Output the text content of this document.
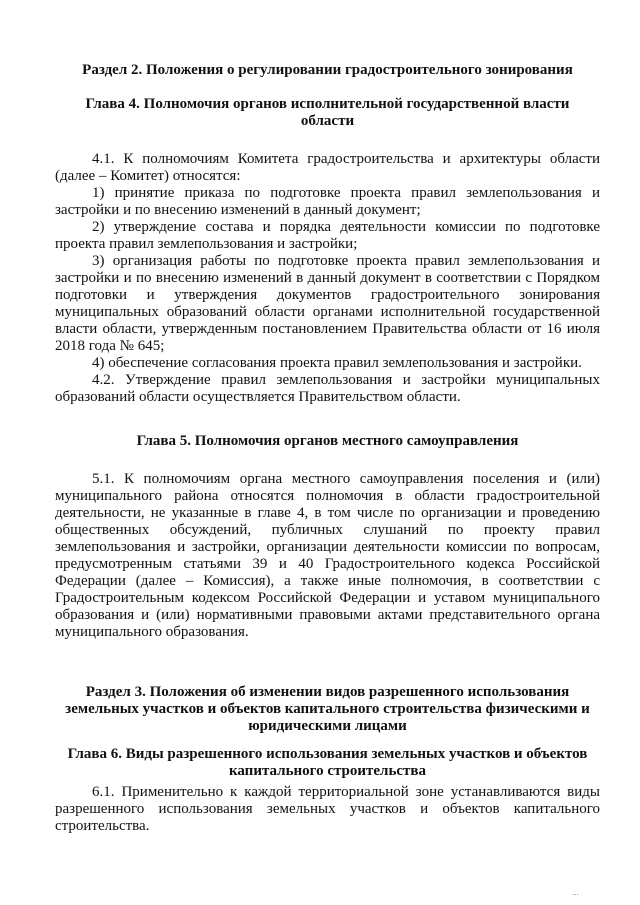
Раздел 2. Положения о регулировании градостроительного зонирования
Глава 4. Полномочия органов исполнительной государственной власти области

4.1. К полномочиям Комитета градостроительства и архитектуры области (далее – Комитет) относятся:

1) принятие приказа по подготовке проекта правил землепользования и застройки и по внесению изменений в данный документ;

2) утверждение состава и порядка деятельности комиссии по подготовке проекта правил землепользования и застройки;

3) организация работы по подготовке проекта правил землепользования и застройки и по внесению изменений в данный документ в соответствии с Порядком подготовки и утверждения документов градостроительного зонирования муниципальных образований области органами исполнительной государственной власти области, утвержденным постановлением Правительства области от 16 июля 2018 года № 645;

4) обеспечение согласования проекта правил землепользования и застройки.

4.2. Утверждение правил землепользования и застройки муниципальных образований области осуществляется Правительством области.

Глава 5. Полномочия органов местного самоуправления

5.1. К полномочиям органа местного самоуправления поселения и (или) муниципального района относятся полномочия в области градостроительной деятельности, не указанные в главе 4, в том числе по организации и проведению общественных обсуждений, публичных слушаний по проекту правил землепользования и застройки, организации деятельности комиссии по вопросам, предусмотренным статьями 39 и 40 Градостроительного кодекса Российской Федерации (далее – Комиссия), а также иные полномочия, в соответствии с Градостроительным кодексом Российской Федерации и уставом муниципального образования и (или) нормативными правовыми актами представительного органа муниципального образования.

Раздел 3. Положения об изменении видов разрешенного использования земельных участков и объектов капитального строительства физическими и юридическими лицами
Глава 6. Виды разрешенного использования земельных участков и объектов капитального строительства

6.1. Применительно к каждой территориальной зоне устанавливаются виды разрешенного использования земельных участков и объектов капитального строительства.

···
